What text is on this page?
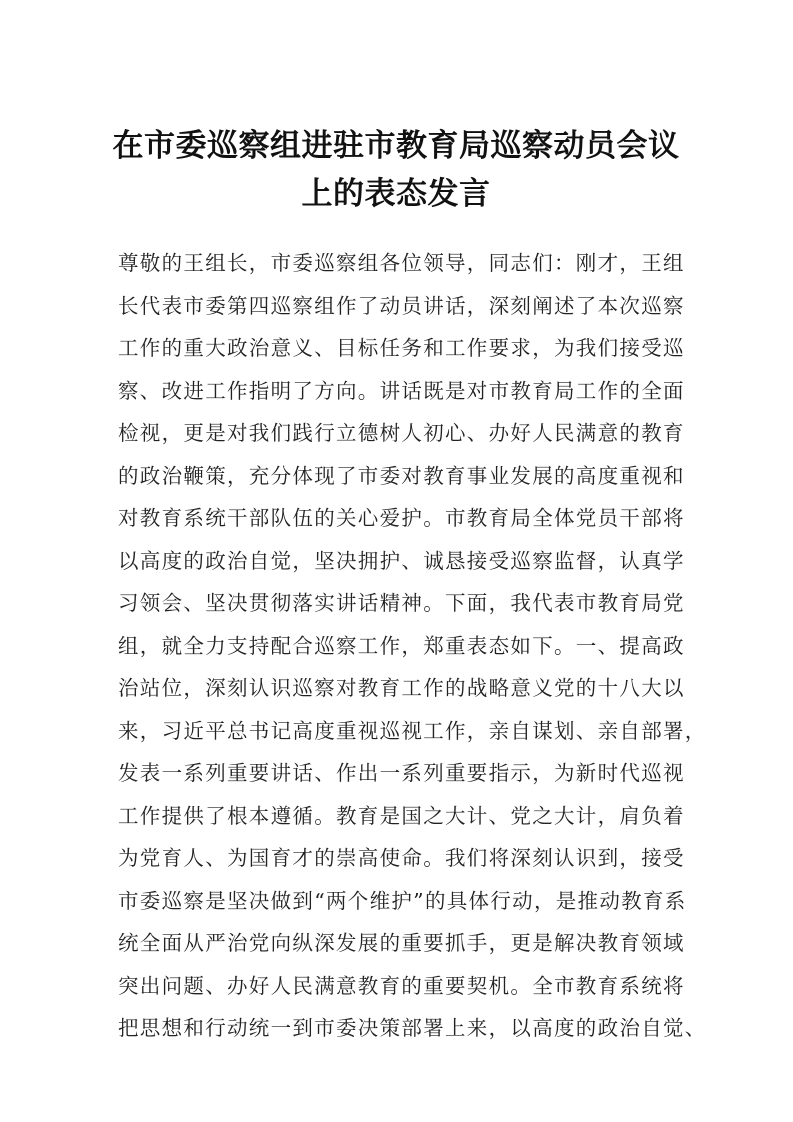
在市委巡察组进驻市教育局巡察动员会议
上的表态发言
尊敬的王组长，市委巡察组各位领导，同志们：刚才，王组
长代表市委第四巡察组作了动员讲话，深刻阐述了本次巡察
工作的重大政治意义、目标任务和工作要求，为我们接受巡
察、改进工作指明了方向。讲话既是对市教育局工作的全面
检视，更是对我们践行立德树人初心、办好人民满意的教育
的政治鞭策，充分体现了市委对教育事业发展的高度重视和
对教育系统干部队伍的关心爱护。市教育局全体党员干部将
以高度的政治自觉，坚决拥护、诚恳接受巡察监督，认真学
习领会、坚决贯彻落实讲话精神。下面，我代表市教育局党
组，就全力支持配合巡察工作，郑重表态如下。一、提高政
治站位，深刻认识巡察对教育工作的战略意义党的十八大以
来，习近平总书记高度重视巡视工作，亲自谋划、亲自部署，
发表一系列重要讲话、作出一系列重要指示，为新时代巡视
工作提供了根本遵循。教育是国之大计、党之大计，肩负着
为党育人、为国育才的崇高使命。我们将深刻认识到，接受
市委巡察是坚决做到“两个维护”的具体行动，是推动教育系
统全面从严治党向纵深发展的重要抓手，更是解决教育领域
突出问题、办好人民满意教育的重要契机。全市教育系统将
把思想和行动统一到市委决策部署上来，以高度的政治自觉、
